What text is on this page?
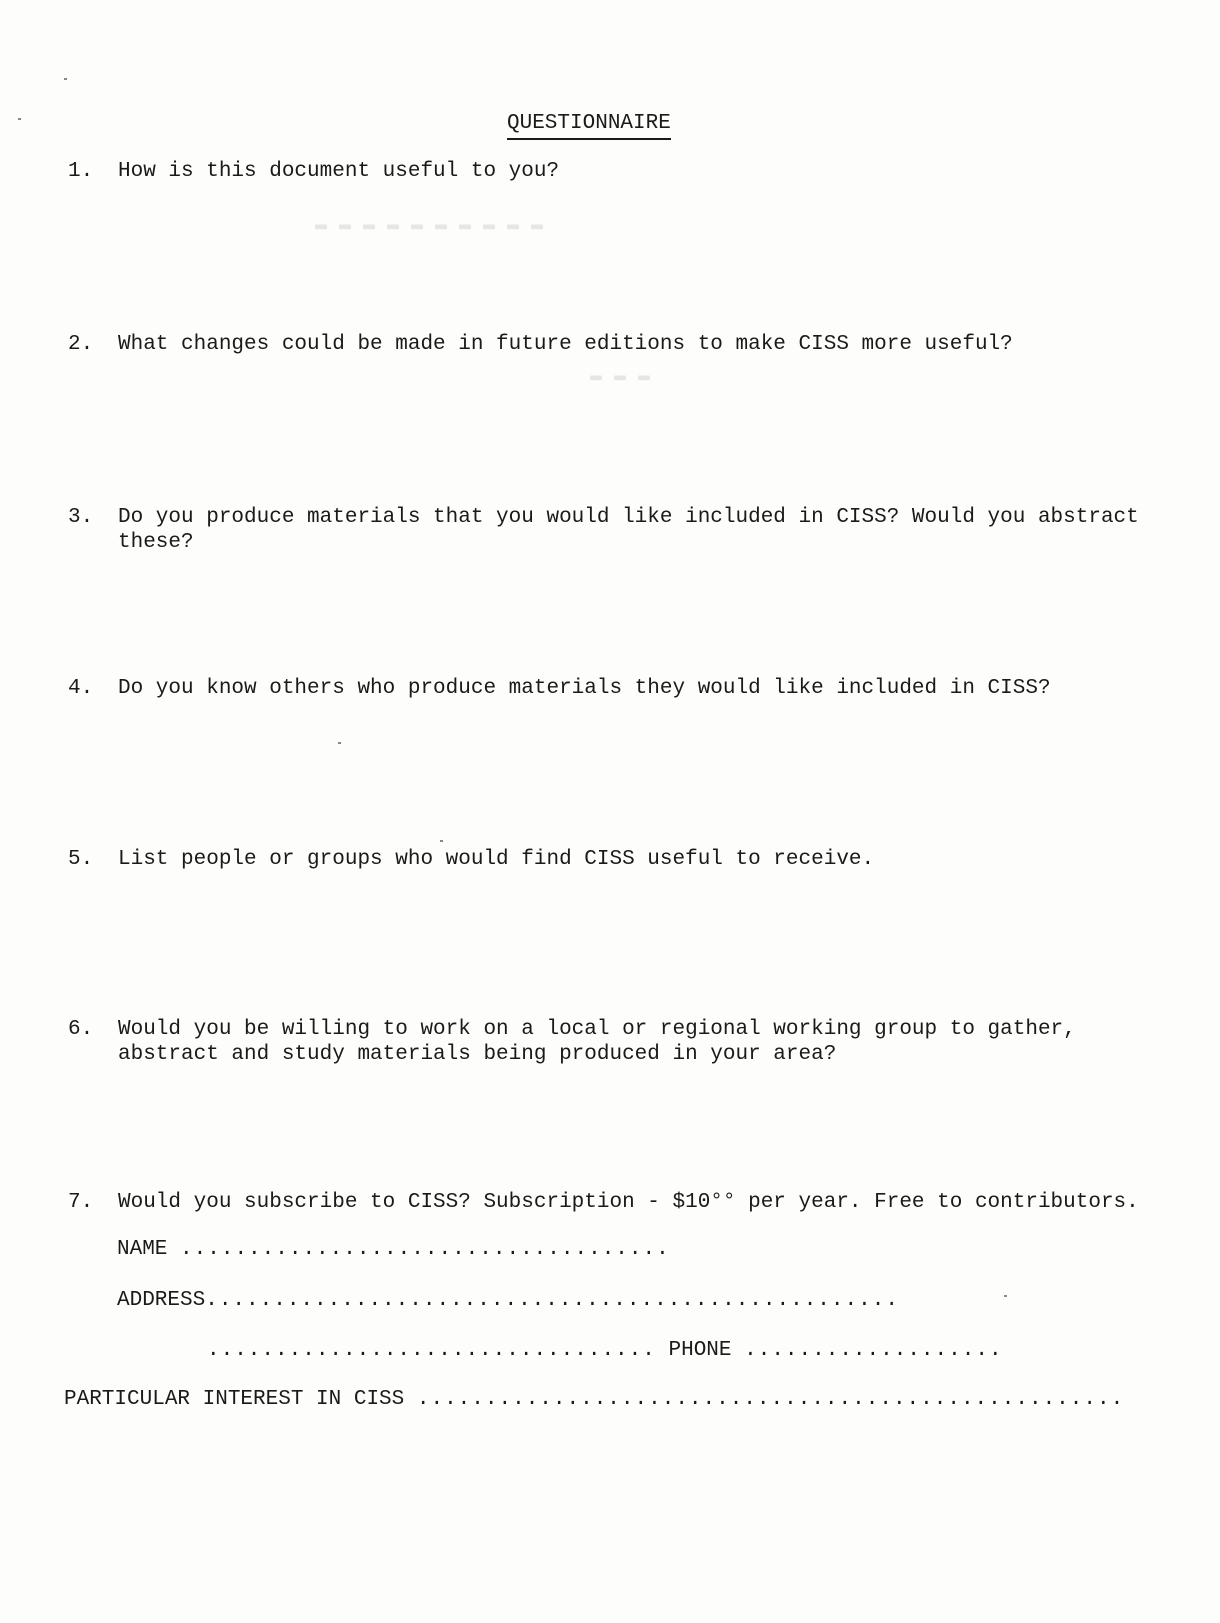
QUESTIONNAIRE
▬ ▬ ▬ ▬ ▬ ▬ ▬ ▬ ▬ ▬
▬ ▬ ▬
1. How is this document useful to you?
2. What changes could be made in future editions to make CISS more useful?
3. Do you produce materials that you would like included in CISS? Would you abstract
these?
4. Do you know others who produce materials they would like included in CISS?
5. List people or groups who would find CISS useful to receive.
6. Would you be willing to work on a local or regional working group to gather,
abstract and study materials being produced in your area?
7. Would you subscribe to CISS? Subscription - $10°° per year. Free to contributors.
NAME ....................................
ADDRESS...................................................
................................. PHONE ...................
PARTICULAR INTEREST IN CISS ....................................................
